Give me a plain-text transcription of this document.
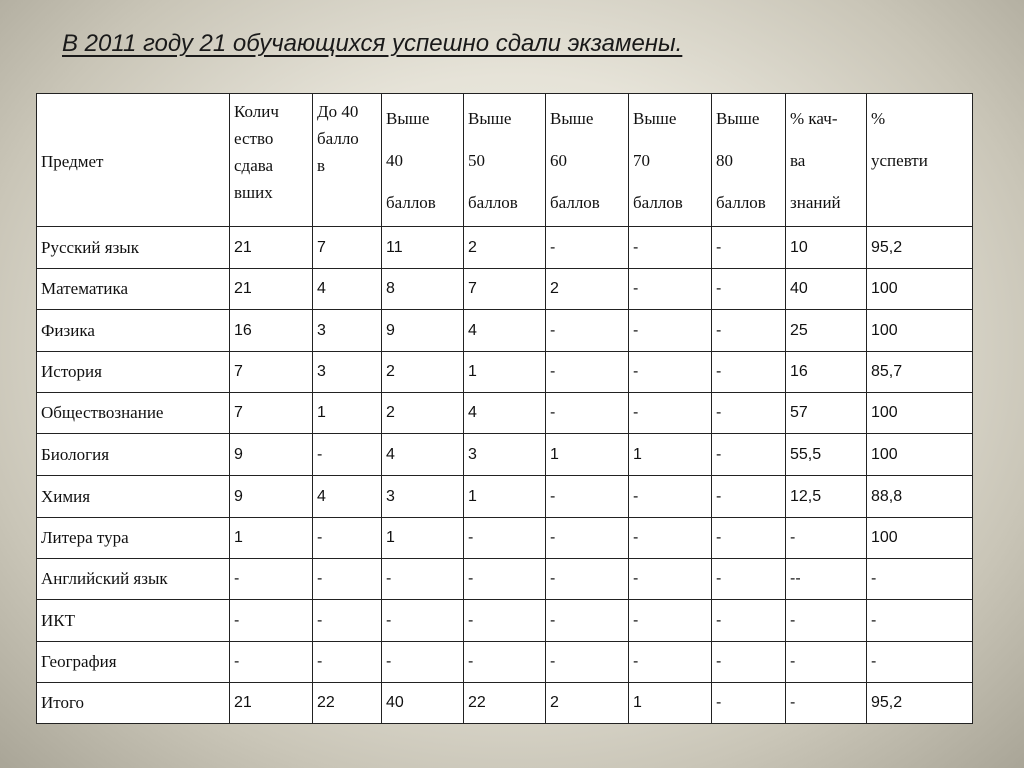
В 2011 году 21 обучающихся успешно сдали экзамены.
Предмет	Колич
ество
сдава
вших	До 40
балло
в	Выше
40
баллов	Выше
50
баллов	Выше
60
баллов	Выше
70
баллов	Выше
80
баллов	% кач-
ва
знаний	%
успевти

Русский язык	21	7	11	2	-	-	-	10	95,2
Математика	21	4	8	7	2	-	-	40	100
Физика	16	3	9	4	-	-	-	25	100
История	7	3	2	1	-	-	-	16	85,7
Обществознание	7	1	2	4	-	-	-	57	100
Биология	9	-	4	3	1	1	-	55,5	100
Химия	9	4	3	1	-	-	-	12,5	88,8
Литера тура	1	-	1	-	-	-	-	-	100
Английский язык	-	-	-	-	-	-	-	--	-
ИКТ	-	-	-	-	-	-	-	-	-
География	-	-	-	-	-	-	-	-	-
Итого	21	22	40	22	2	1	-	-	95,2
